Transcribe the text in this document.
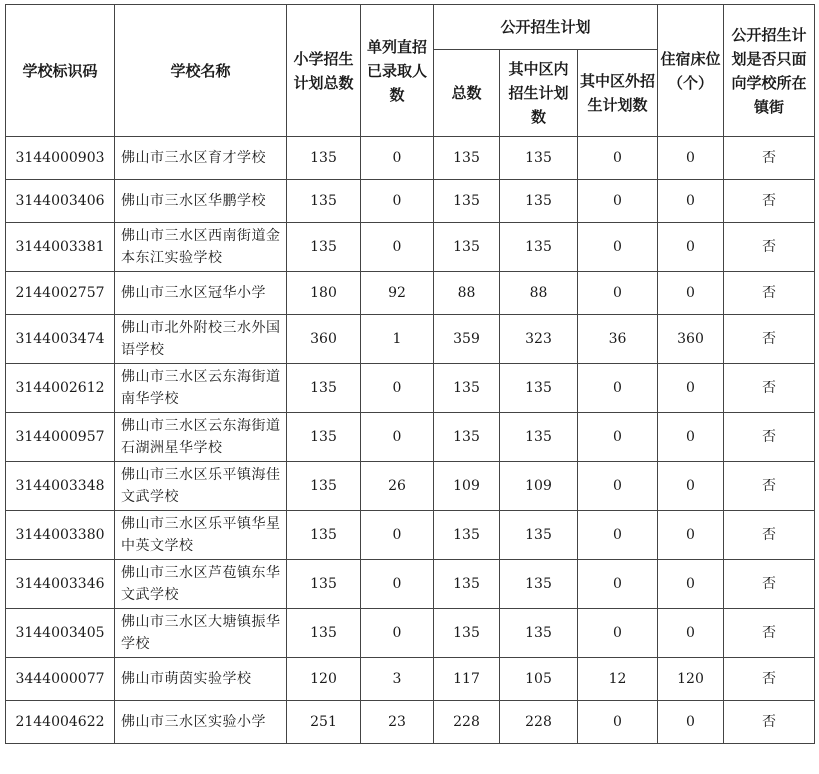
学校标识码	学校名称	小学招生计划总数	单列直招已录取人数	公开招生计划			住宿床位（个）	公开招生计划是否只面向学校所在镇街
				总数	其中区内招生计划数	其中区外招生计划数		
3144000903	佛山市三水区育才学校	135	0	135	135	0	0	否
3144003406	佛山市三水区华鹏学校	135	0	135	135	0	0	否
3144003381	佛山市三水区西南街道金本东江实验学校	135	0	135	135	0	0	否
2144002757	佛山市三水区冠华小学	180	92	88	88	0	0	否
3144003474	佛山市北外附校三水外国语学校	360	1	359	323	36	360	否
3144002612	佛山市三水区云东海街道南华学校	135	0	135	135	0	0	否
3144000957	佛山市三水区云东海街道石湖洲星华学校	135	0	135	135	0	0	否
3144003348	佛山市三水区乐平镇海佳文武学校	135	26	109	109	0	0	否
3144003380	佛山市三水区乐平镇华星中英文学校	135	0	135	135	0	0	否
3144003346	佛山市三水区芦苞镇东华文武学校	135	0	135	135	0	0	否
3144003405	佛山市三水区大塘镇振华学校	135	0	135	135	0	0	否
3444000077	佛山市萌茵实验学校	120	3	117	105	12	120	否
2144004622	佛山市三水区实验小学	251	23	228	228	0	0	否
